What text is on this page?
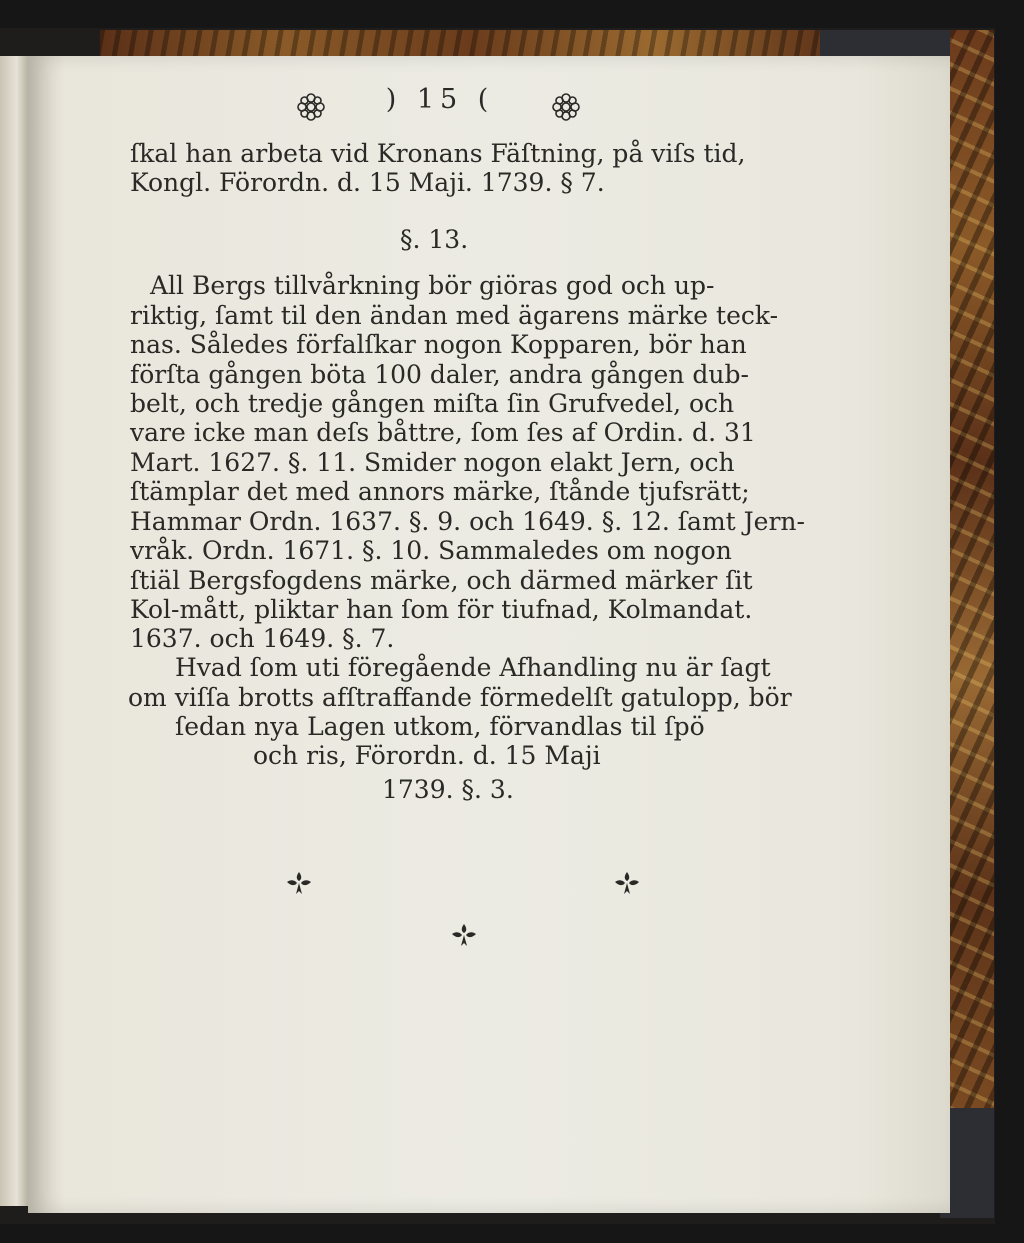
) 15 (
ſkal han arbeta vid Kronans Fäſtning, på viſs tid,
Kongl. Förordn. d. 15 Maji. 1739. § 7.
§. 13.
All Bergs tillvårkning bör giöras god och up-
riktig, ſamt til den ändan med ägarens märke teck-
nas. Således förfalſkar nogon Kopparen, bör han
förſta gången böta 100 daler, andra gången dub-
belt, och tredje gången miſta ſin Grufvedel, och
vare icke man deſs båttre, ſom ſes af Ordin. d. 31
Mart. 1627. §. 11. Smider nogon elakt Jern, och
ſtämplar det med annors märke, ſtånde tjufsrätt;
Hammar Ordn. 1637. §. 9. och 1649. §. 12. ſamt Jern-
vråk. Ordn. 1671. §. 10. Sammaledes om nogon
ſtiäl Bergsfogdens märke, och därmed märker ſit
Kol-mått, pliktar han ſom för tiufnad, Kolmandat.
1637. och 1649. §. 7.
Hvad ſom uti föregående Afhandling nu är ſagt
om viſſa brotts afſtraffande förmedelſt gatulopp, bör
ſedan nya Lagen utkom, förvandlas til ſpö
och ris, Förordn. d. 15 Maji
1739. §. 3.
